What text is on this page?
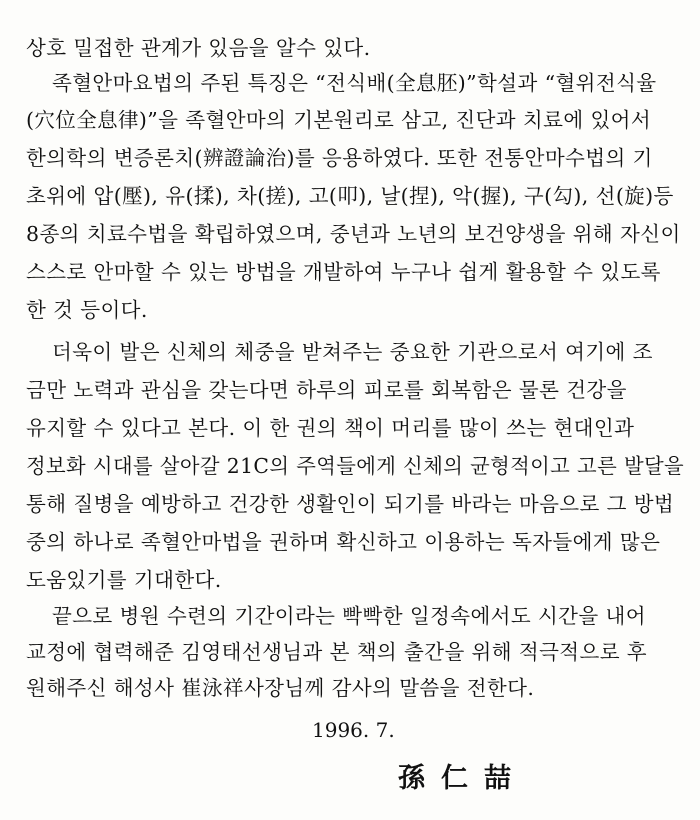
상호 밀접한 관계가 있음을 알수 있다.
족혈안마요법의 주된 특징은 “전식배(全息胚)”학설과 “혈위전식율
(穴位全息律)”을 족혈안마의 기본원리로 삼고, 진단과 치료에 있어서
한의학의 변증론치(辨證論治)를 응용하였다. 또한 전통안마수법의 기
초위에 압(壓), 유(揉), 차(搓), 고(叩), 날(捏), 악(握), 구(勾), 선(旋)등
8종의 치료수법을 확립하였으며, 중년과 노년의 보건양생을 위해 자신이
스스로 안마할 수 있는 방법을 개발하여 누구나 쉽게 활용할 수 있도록
한 것 등이다.
더욱이 발은 신체의 체중을 받쳐주는 중요한 기관으로서 여기에 조
금만 노력과 관심을 갖는다면 하루의 피로를 회복함은 물론 건강을
유지할 수 있다고 본다. 이 한 권의 책이 머리를 많이 쓰는 현대인과
정보화 시대를 살아갈 21C의 주역들에게 신체의 균형적이고 고른 발달을
통해 질병을 예방하고 건강한 생활인이 되기를 바라는 마음으로 그 방법
중의 하나로 족혈안마법을 권하며 확신하고 이용하는 독자들에게 많은
도움있기를 기대한다.
끝으로 병원 수련의 기간이라는 빡빡한 일정속에서도 시간을 내어
교정에 협력해준 김영태선생님과 본 책의 출간을 위해 적극적으로 후
원해주신 해성사 崔泳祥사장님께 감사의 말씀을 전한다.
1996. 7.
孫仁喆
